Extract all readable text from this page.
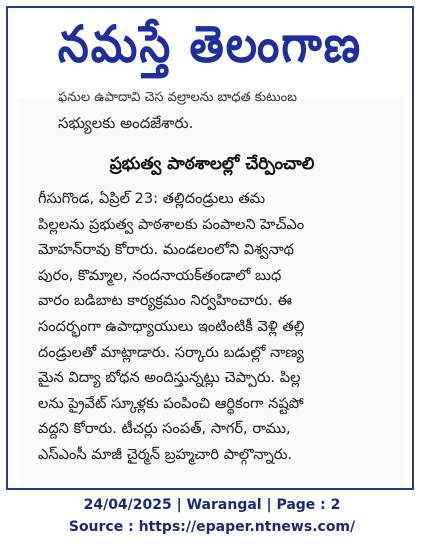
నమస్తే తెలంగాణ
ఫనుల ఉపాదావి చెస వల్రాలను బాధత కుటుంబ
సభ్యులకు అందజేశారు.
ప్రభుత్వ పాఠశాలల్లో చేర్పించాలి
గీసుగొండ, ఏప్రిల్ 23: తల్లిదండ్రులు తమ
పిల్లలను ప్రభుత్వ పాఠశాలకు పంపాలని హెచ్‌ఎం
మోహన్‌రావు కోరారు. మండలంలోని విశ్వనాథ
పురం, కొమ్మాల, నందనాయక్‌తండాలో బుధ
వారం బడిబాట కార్యక్రమం నిర్వహించారు. ఈ
సందర్భంగా ఉపాధ్యాయులు ఇంటింటికీ వెళ్లి తల్లి
దండ్రులతో మాట్లాడారు. సర్కారు బడుల్లో నాణ్య
మైన విద్యా బోధన అందిస్తున్నట్లు చెప్పారు. పిల్ల
లను ప్రైవేట్ స్కూళ్లకు పంపించి ఆర్థికంగా నష్టపో
వద్దని కోరారు. టీచర్లు సంపత్, సాగర్, రాము,
ఎస్‌ఎంసీ మాజీ చైర్మన్ బ్రహ్మచారి పాల్గొన్నారు.
24/04/2025 | Warangal | Page : 2
Source : https://epaper.ntnews.com/
